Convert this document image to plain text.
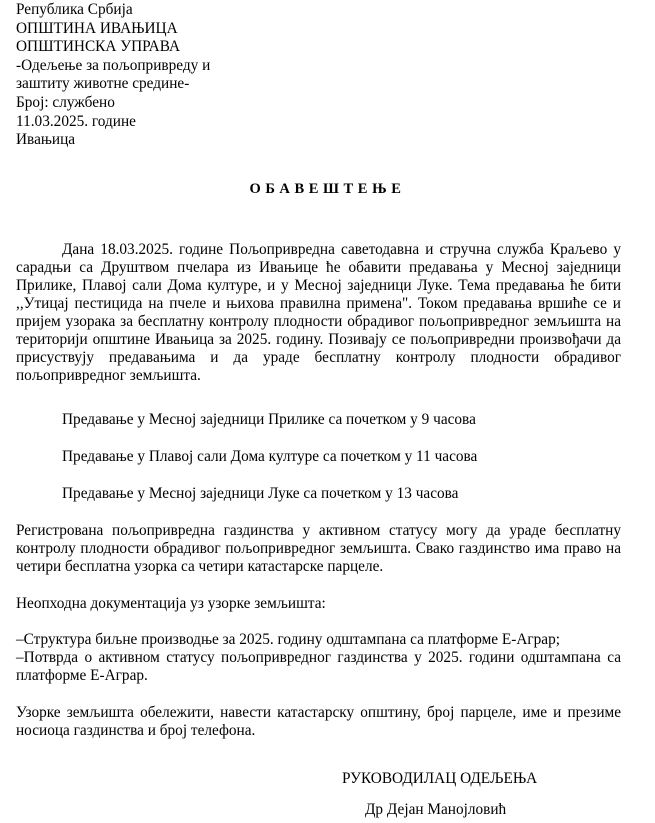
Република Србија
ОПШТИНА ИВАЊИЦА
ОПШТИНСКА УПРАВА
-Одељење за пољопривреду и
заштиту животне средине-
Број: службено
11.03.2025. године
Ивањица
ОБАВЕШТЕЊЕ
Дана 18.03.2025. године Пољопривредна саветодавна и стручна служба Краљево у сарадњи са Друштвом пчелара из Ивањице ће обавити предавања у Месној заједници Прилике, Плавој сали Дома културе, и у Месној заједници Луке. Тема предавања ће бити ,,Утицај пестицида на пчеле и њихова правилна примена". Током предавања вршиће се и пријем узорака за бесплатну контролу плодности обрадивог пољопривредног земљишта на територији општине Ивањица за 2025. годину. Позивају се пољопривредни произвођачи да присуствују предавањима и да ураде бесплатну контролу плодности обрадивог пољопривредног земљишта.
Предавање у Месној заједници Прилике са почетком у 9 часова
Предавање у Плавој сали Дома културе са почетком у 11 часова
Предавање у Месној заједници Луке са почетком у 13 часова
Регистрована пољопривредна газдинства у активном статусу могу да ураде бесплатну контролу плодности обрадивог пољопривредног земљишта. Свако газдинство има право на четири бесплатна узорка са четири катастарске парцеле.
Неопходна документација уз узорке земљишта:
–Структура биљне производње за 2025. годину одштампана са платформе Е-Аграр;
–Потврда о активном статусу пољопривредног газдинства у 2025. години одштампана са платформе Е-Аграр.
Узорке земљишта обележити, навести катастарску општину, број парцеле, име и презиме носиоца газдинства и број телефона.
РУКОВОДИЛАЦ ОДЕЉЕЊА
Др Дејан Манојловић
